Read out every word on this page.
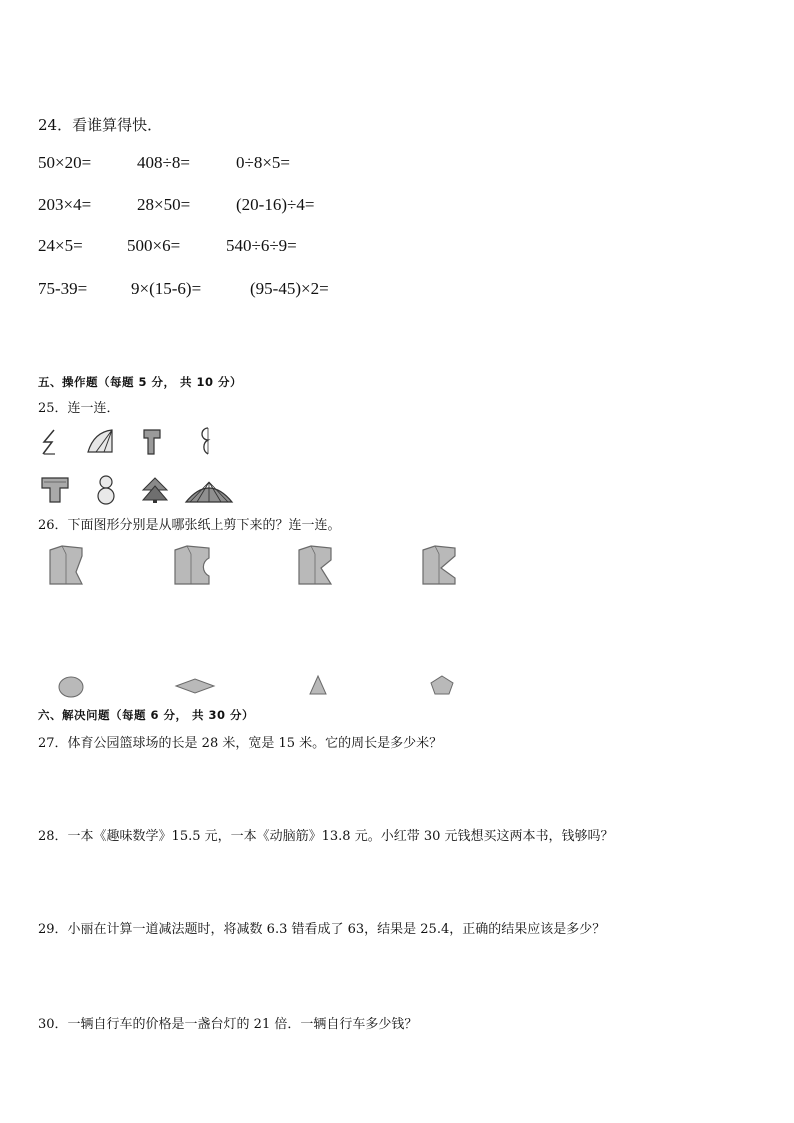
24．看谁算得快．
50×20=	408÷8=	0÷8×5=
203×4=	28×50=	(20-16)÷4=
24×5=	500×6=	540÷6÷9=
75-39=	9×(15-6)=	(95-45)×2=
五、操作题（每题 5 分， 共 10 分）
25．连一连．
26．下面图形分别是从哪张纸上剪下来的？连一连。
六、解决问题（每题 6 分， 共 30 分）
27．体育公园篮球场的长是 28 米，宽是 15 米。它的周长是多少米？
28．一本《趣味数学》15.5 元，一本《动脑筋》13.8 元。小红带 30 元钱想买这两本书，钱够吗？
29．小丽在计算一道减法题时，将减数 6.3 错看成了 63，结果是 25.4，正确的结果应该是多少？
30．一辆自行车的价格是一盏台灯的 21 倍．一辆自行车多少钱？
